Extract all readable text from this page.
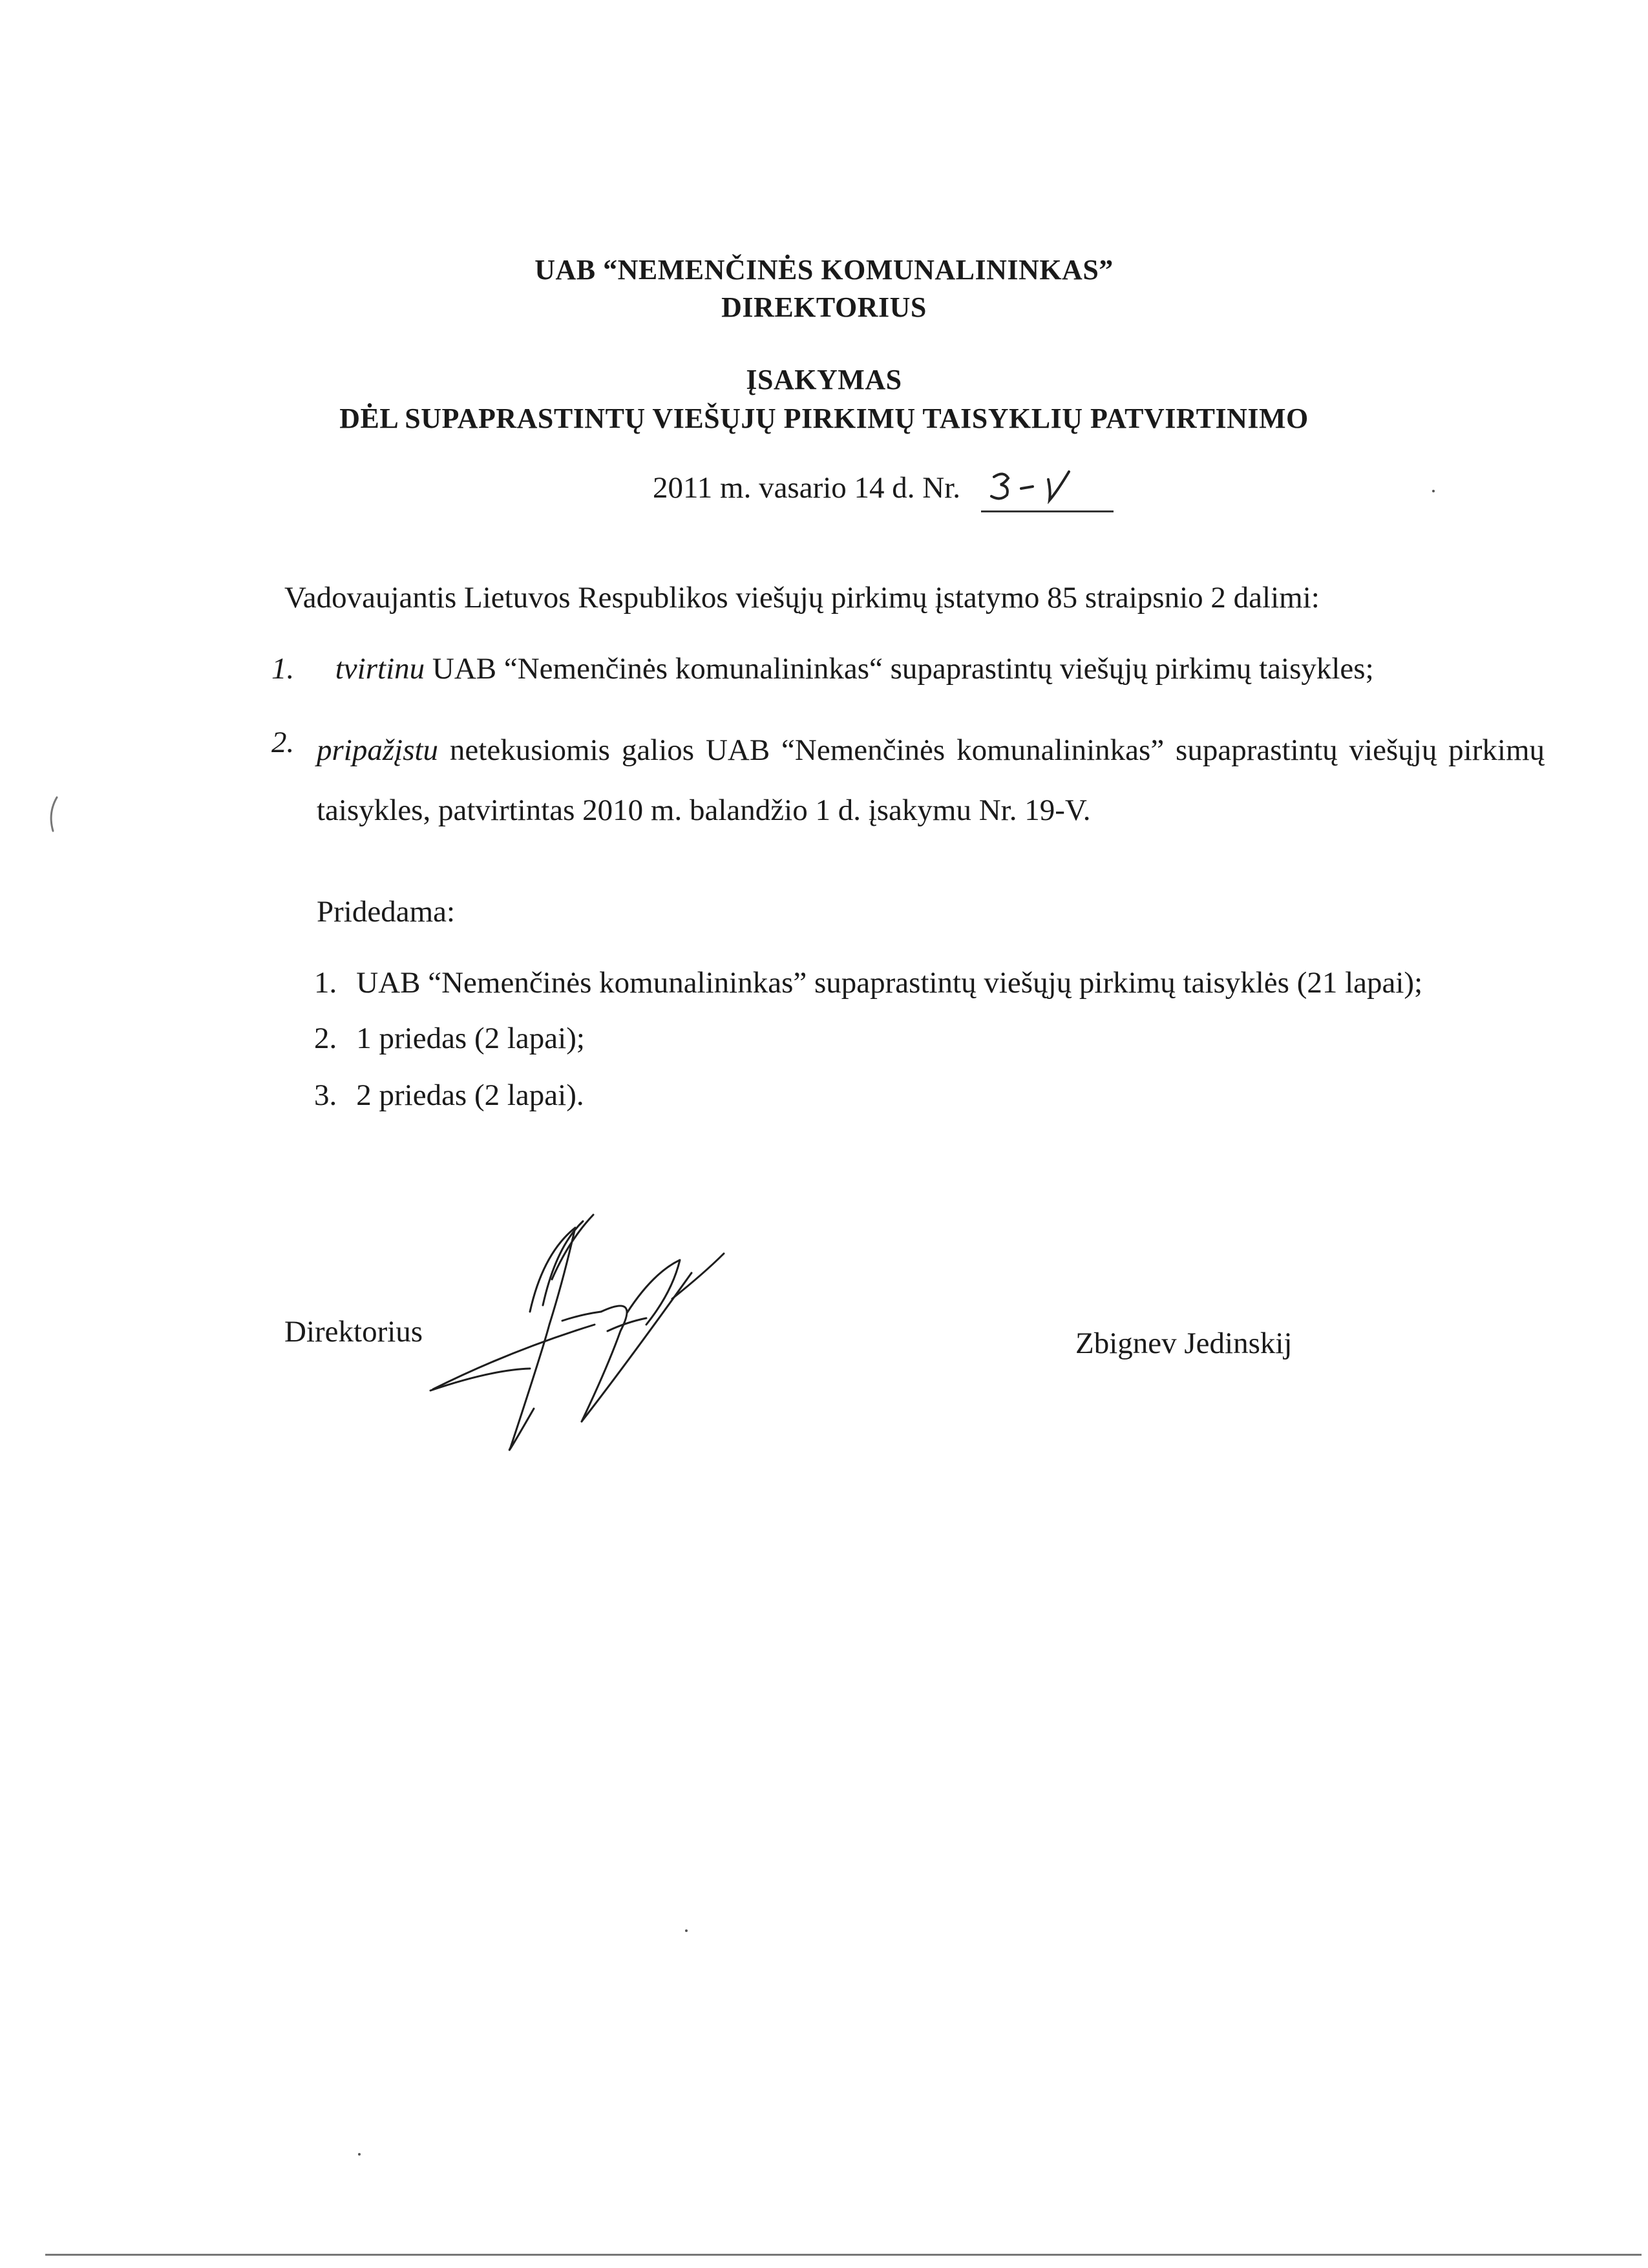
UAB “NEMENČINĖS KOMUNALININKAS”
DIREKTORIUS
ĮSAKYMAS
DĖL SUPAPRASTINTŲ VIEŠŲJŲ PIRKIMŲ TAISYKLIŲ PATVIRTINIMO
2011 m. vasario 14 d. Nr.
Vadovaujantis Lietuvos Respublikos viešųjų pirkimų įstatymo 85 straipsnio 2 dalimi:
1. tvirtinu UAB “Nemenčinės komunalininkas“ supaprastintų viešųjų pirkimų taisykles;
2. pripažįstu netekusiomis galios UAB “Nemenčinės komunalininkas” supaprastintų viešųjų pirkimų taisykles, patvirtintas 2010 m. balandžio 1 d. įsakymu Nr. 19-V.
Pridedama:
1. UAB “Nemenčinės komunalininkas” supaprastintų viešųjų pirkimų taisyklės (21 lapai);
2. 1 priedas (2 lapai);
3. 2 priedas (2 lapai).
Direktorius	Zbignev Jedinskij
